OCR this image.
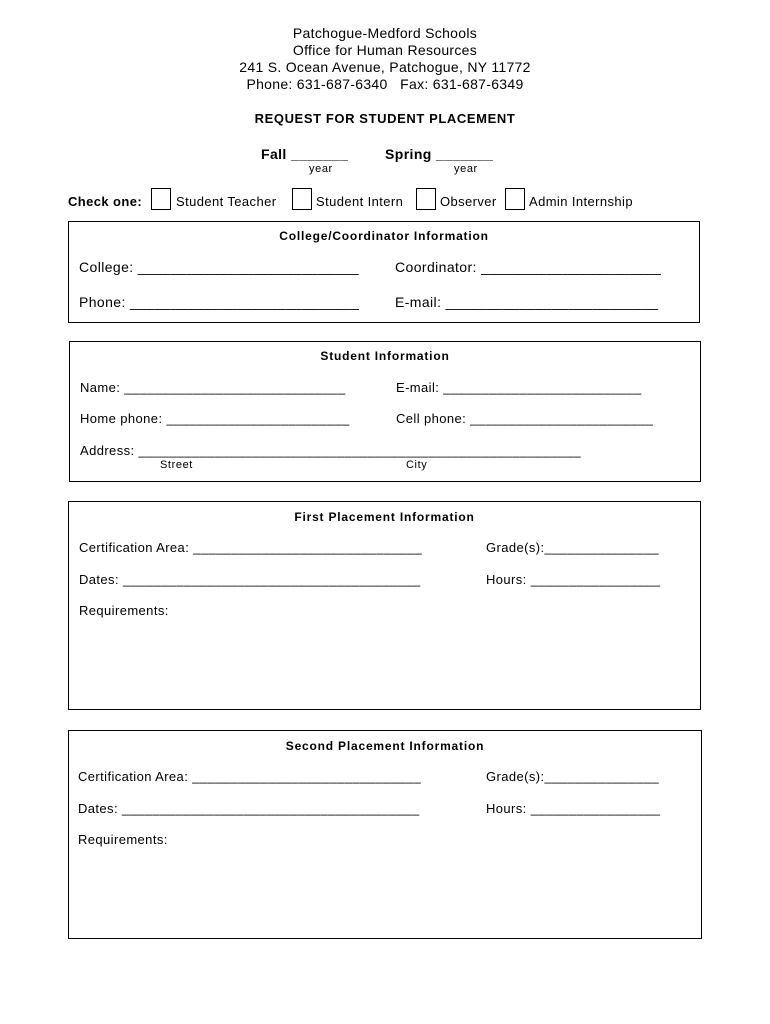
Patchogue-Medford Schools
Office for Human Resources
241 S. Ocean Avenue, Patchogue, NY 11772
Phone: 631-687-6340   Fax: 631-687-6349
REQUEST FOR STUDENT PLACEMENT
Fall _______
year
Spring _______
year
Check one:	Student Teacher	Student Intern	Observer Admin Internship
College/Coordinator Information
College: ___________________________	Coordinator: ______________________
Phone: ____________________________	E-mail: __________________________
Student Information
Name: _____________________________	E-mail: __________________________
Home phone: ________________________	Cell phone: ________________________
Address: __________________________________________________________
Street	City
First Placement Information
Certification Area: ______________________________	Grade(s):_______________
Dates: _______________________________________	Hours: _________________
Requirements:
Second Placement Information
Certification Area: ______________________________	Grade(s):_______________
Dates: _______________________________________	Hours: _________________
Requirements:
